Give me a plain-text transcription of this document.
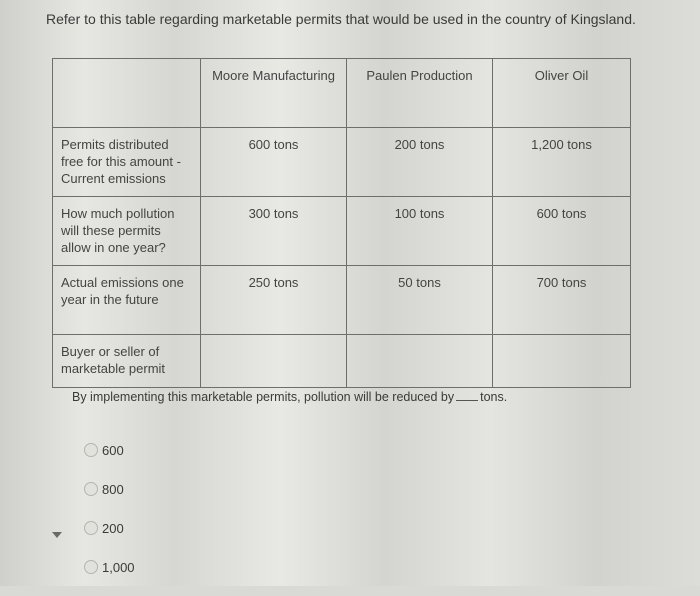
Refer to this table regarding marketable permits that would be used in the country of Kingsland.
	Moore Manufacturing	Paulen Production	Oliver Oil
Permits distributed free for this amount - Current emissions	600 tons	200 tons	1,200 tons
How much pollution will these permits allow in one year?	300 tons	100 tons	600 tons
Actual emissions one year in the future	250 tons	50 tons	700 tons
Buyer or seller of marketable permit			
By implementing this marketable permits, pollution will be reduced by tons.
600
800
200
1,000
